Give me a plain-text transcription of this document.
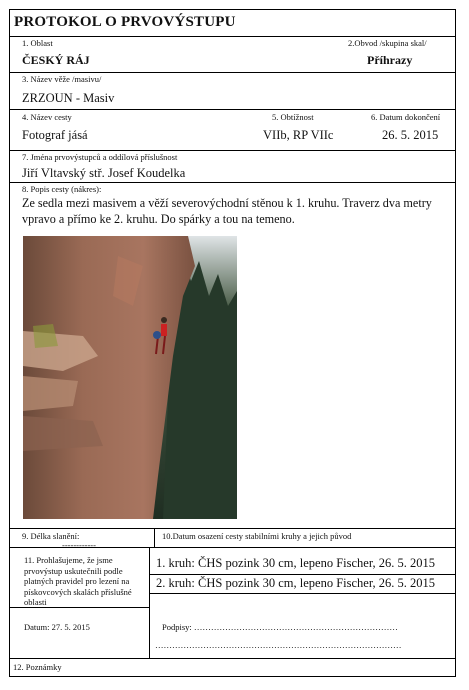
PROTOKOL O PRVOVÝSTUPU
1. Oblast
ČESKÝ RÁJ
2.Obvod /skupina skal/
Příhrazy
3. Název věže /masivu/
ZRZOUN - Masiv
4. Název cesty
Fotograf jásá
5. Obtížnost
VIIb, RP VIIc
6. Datum dokončení
26. 5. 2015
7. Jména prvovýstupců a oddílová příslušnost
Jiří Vltavský stř. Josef Koudelka
8. Popis cesty (nákres):
Ze sedla mezi masivem a věží severovýchodní stěnou k 1. kruhu. Traverz dva metry vpravo a přímo ke 2. kruhu. Do spárky a tou na temeno.
9. Délka slanění:
------------
10.Datum osazení cesty stabilními kruhy a jejich původ
11. Prohlašujeme, že jsme prvovýstup uskutečnili podle platných pravidel pro lezení na pískovcových skalách příslušné oblasti
1. kruh: ČHS pozink 30 cm, lepeno Fischer, 26. 5. 2015
2. kruh: ČHS pozink 30 cm, lepeno Fischer, 26. 5. 2015
Datum: 27. 5. 2015	Podpisy: ………………………………………………………………
……………………………………………………………………………
12. Poznámky
